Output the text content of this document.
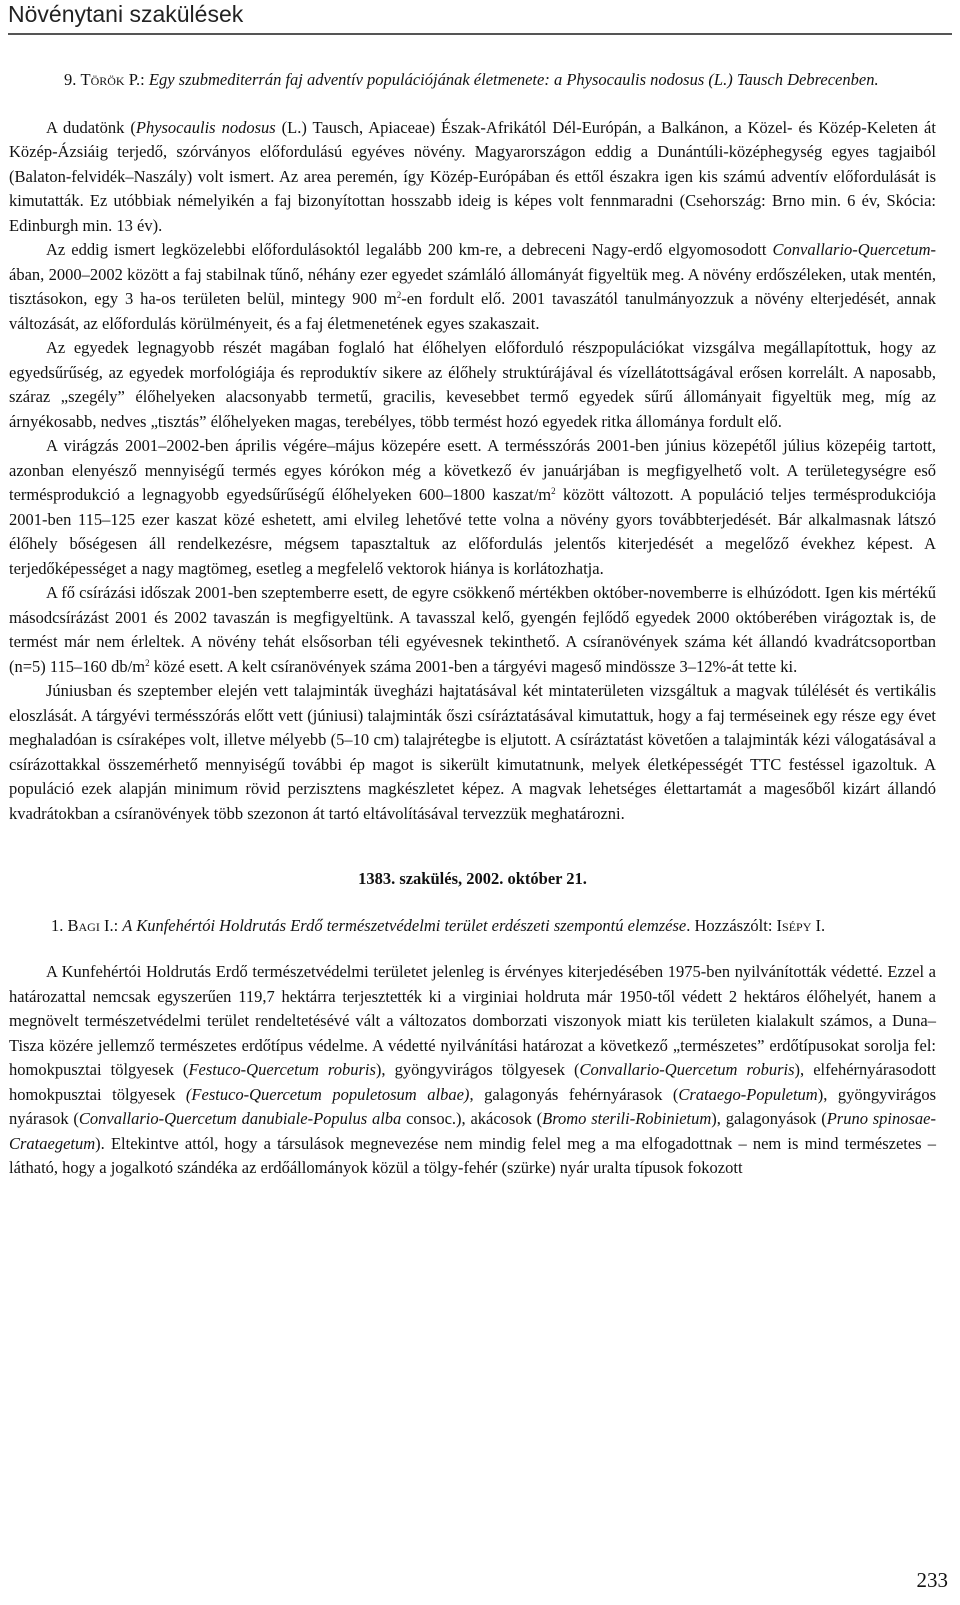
Növénytani szakülések

9. Török P.: Egy szubmediterrán faj adventív populációjának életmenete: a Physocaulis nodosus (L.) Tausch Debrecenben.

A dudatönk (Physocaulis nodosus (L.) Tausch, Apiaceae) Észak-Afrikától Dél-Európán, a Balkánon, a Közel- és Közép-Keleten át Közép-Ázsiáig terjedő, szórványos előfordulású egyéves növény. Magyarországon eddig a Dunántúli-középhegység egyes tagjaiból (Balaton-felvidék–Naszály) volt ismert. Az area peremén, így Közép-Európában és ettől északra igen kis számú adventív előfordulását is kimutatták. Ez utóbbiak némelyikén a faj bizonyítottan hosszabb ideig is képes volt fennmaradni (Csehország: Brno min. 6 év, Skócia: Edinburgh min. 13 év).

Az eddig ismert legközelebbi előfordulásoktól legalább 200 km-re, a debreceni Nagy-erdő elgyomosodott Convallario-Quercetum-ában, 2000–2002 között a faj stabilnak tűnő, néhány ezer egyedet számláló állományát figyeltük meg. A növény erdőszéleken, utak mentén, tisztásokon, egy 3 ha-os területen belül, mintegy 900 $m^2-en$ fordult elő. 2001 tavaszától tanulmányozzuk a növény elterjedését, annak változását, az előfordulás körülményeit, és a faj életmenetének egyes szakaszait.

Az egyedek legnagyobb részét magában foglaló hat élőhelyen előforduló részpopulációkat vizsgálva megállapítottuk, hogy az egyedsűrűség, az egyedek morfológiája és reproduktív sikere az élőhely struktúrájával és vízellátottságával erősen korrelált. A naposabb, száraz „szegély” élőhelyeken alacsonyabb termetű, gracilis, kevesebbet termő egyedek sűrű állományait figyeltük meg, míg az árnyékosabb, nedves „tisztás” élőhelyeken magas, terebélyes, több termést hozó egyedek ritka állománya fordult elő.

A virágzás 2001–2002-ben április végére–május közepére esett. A termésszórás 2001-ben június közepétől július közepéig tartott, azonban elenyésző mennyiségű termés egyes kórókon még a következő év januárjában is megfigyelhető volt. A területegységre eső termésprodukció a legnagyobb egyedsűrűségű élőhelyeken 600–1800 kaszat/$m^2$ között változott. A populáció teljes termésprodukciója 2001-ben 115–125 ezer kaszat közé eshetett, ami elvileg lehetővé tette volna a növény gyors továbbterjedését. Bár alkalmasnak látszó élőhely bőségesen áll rendelkezésre, mégsem tapasztaltuk az előfordulás jelentős kiterjedését a megelőző évekhez képest. A terjedőképességet a nagy magtömeg, esetleg a megfelelő vektorok hiánya is korlátozhatja.

A fő csírázási időszak 2001-ben szeptemberre esett, de egyre csökkenő mértékben október-novemberre is elhúzódott. Igen kis mértékű másodcsírázást 2001 és 2002 tavaszán is megfigyeltünk. A tavasszal kelő, gyengén fejlődő egyedek 2000 októberében virágoztak is, de termést már nem érleltek. A növény tehát elsősorban téli egyévesnek tekinthető. A csíranövények száma két állandó kvadrátcsoportban (n=5) 115–160 $db/m^2$ közé esett. A kelt csíranövények száma 2001-ben a tárgyévi mageső mindössze 3–12%-át tette ki.

Júniusban és szeptember elején vett talajminták üvegházi hajtatásával két mintaterületen vizsgáltuk a magvak túlélését és vertikális eloszlását. A tárgyévi termésszórás előtt vett (júniusi) talajminták őszi csíráztatásával kimutattuk, hogy a faj terméseinek egy része egy évet meghaladóan is csíraképes volt, illetve mélyebb (5–10 cm) talajrétegbe is eljutott. A csíráztatást követően a talajminták kézi válogatásával a csírázottakkal összemérhető mennyiségű további ép magot is sikerült kimutatnunk, melyek életképességét TTC festéssel igazoltuk. A populáció ezek alapján minimum rövid perzisztens magkészletet képez. A magvak lehetséges élettartamát a magesőből kizárt állandó kvadrátokban a csíranövények több szezonon át tartó eltávolításával tervezzük meghatározni.

1383. szakülés, 2002. október 21.

1. Bagi I.: A Kunfehértói Holdrutás Erdő természetvédelmi terület erdészeti szempontú elemzése. Hozzászólt: Isépy I.

A Kunfehértói Holdrutás Erdő természetvédelmi területet jelenleg is érvényes kiterjedésében 1975-ben nyilvánították védetté. Ezzel a határozattal nemcsak egyszerűen 119,7 hektárra terjesztették ki a virginiai holdruta már 1950-től védett 2 hektáros élőhelyét, hanem a megnövelt természetvédelmi terület rendeltetésévé vált a változatos domborzati viszonyok miatt kis területen kialakult számos, a Duna–Tisza közére jellemző természetes erdőtípus védelme. A védetté nyilvánítási határozat a következő „természetes” erdőtípusokat sorolja fel: homokpusztai tölgyesek (Festuco-Quercetum roburis), gyöngyvirágos tölgyesek (Convallario-Quercetum roburis), elfehérnyárasodott homokpusztai tölgyesek (Festuco-Quercetum populetosum albae), galagonyás fehérnyárasok (Crataego-Populetum), gyöngyvirágos nyárasok (Convallario-Quercetum danubiale-Populus alba consoc.), akácosok (Bromo sterili-Robinietum), galagonyások (Pruno spinosae-Crataegetum). Eltekintve attól, hogy a társulások megnevezése nem mindig felel meg a ma elfogadottnak – nem is mind természetes – látható, hogy a jogalkotó szándéka az erdőállományok közül a tölgy-fehér (szürke) nyár uralta típusok fokozott

233
